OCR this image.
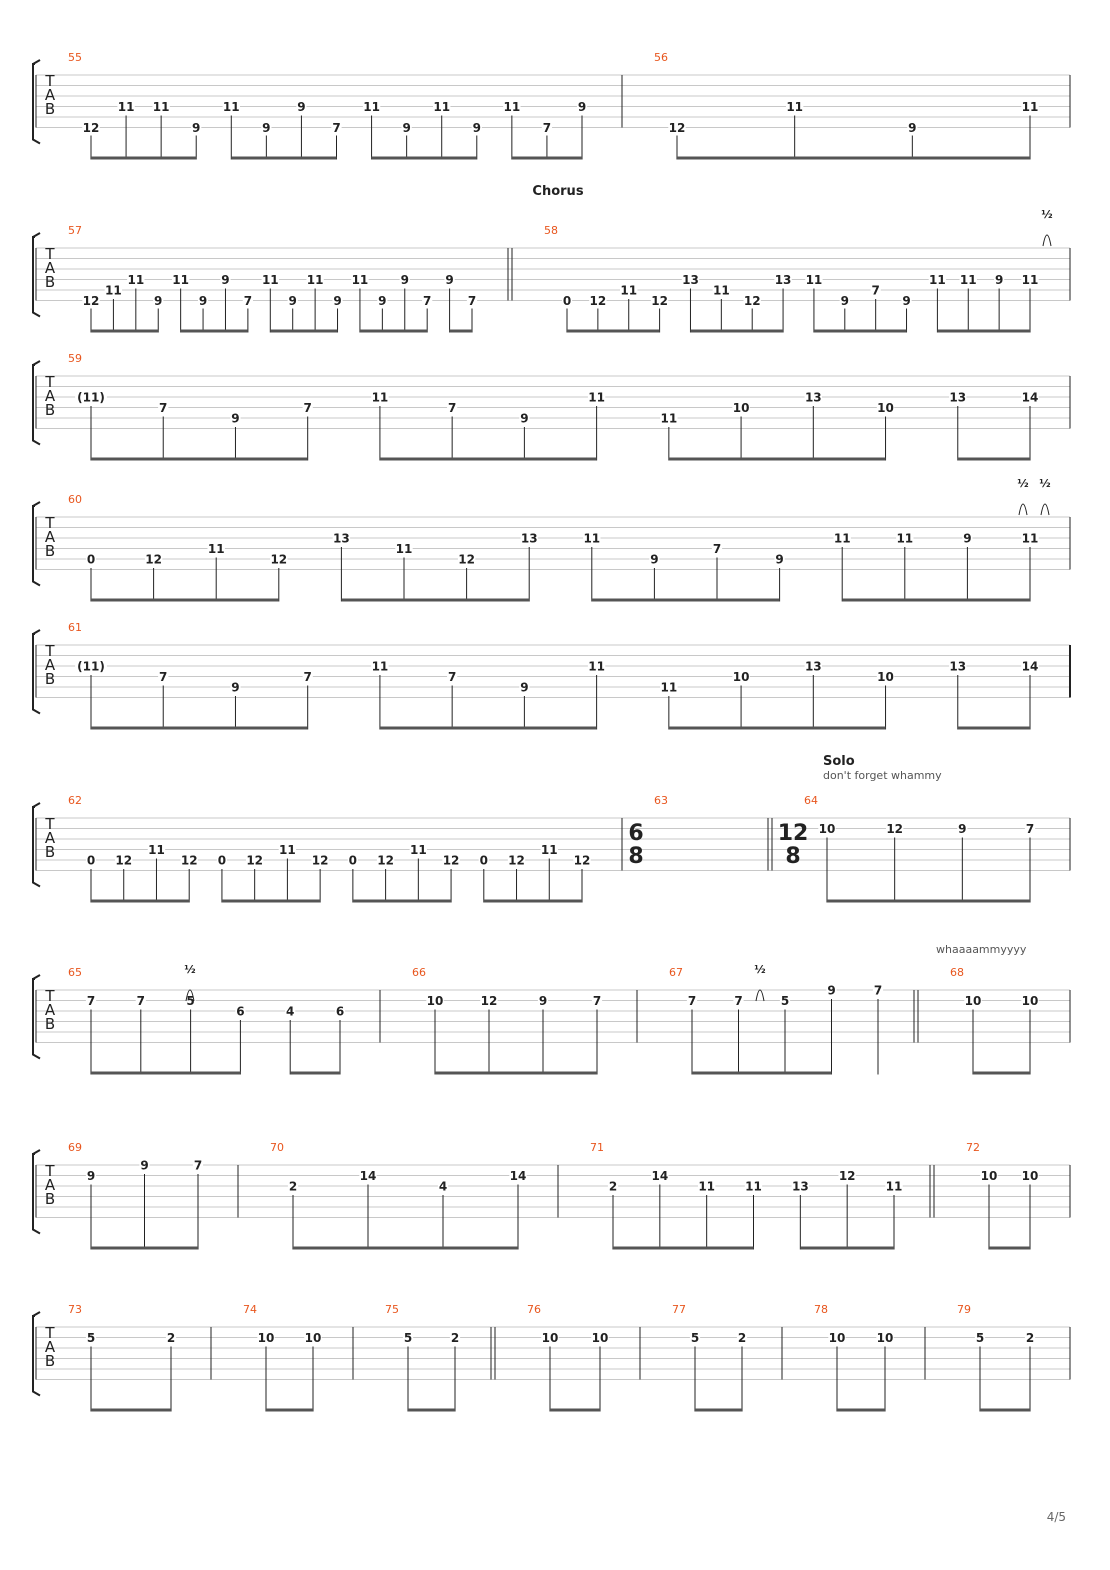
T
A
B
55
12
11 11
9
11
9
9
7
11
9
11
9
11
7
9
56
12
11
9
11
T
A
B
57
12
11
11
9
11
9
9
7
11
9
11
9
11
9
9
7
9
7
58
0 12
11
12
13
11
12
13 11
9
7
9
11 11 9 11
T
A
B
59
(11)
7
9
7
11
7
9
11
11
10
13
10
13	14
T
A
B
60
0	12
11
12
13
11
12
13	11
9
7
9
11	11	9	11
T
A
B
61
(11)
7
9
7
11
7
9
11
11
10
13
10
13	14
T
A
B
62
0 12
11
12 0 12
11
12 0 12
11
12 0 12
11
12
63	64
10	12	9	7
T
A
B
65
7	7	5
6	4	6
66
10	12	9	7
67
7	7	5
9	7
68
10	10
T
A
B
69
9
9	7
70
2
14
4
14
71
2
14
11	11	13
12
11
72
10 10
T
A
B
73
5	2
74
10	10
75
5	2
76
10	10
77
5	2
78
10	10
79
5	2
6
8
12
8
Chorus
Solo
don't forget whammy
whaaaammyyyy
½
½ ½
½	½
4/5
